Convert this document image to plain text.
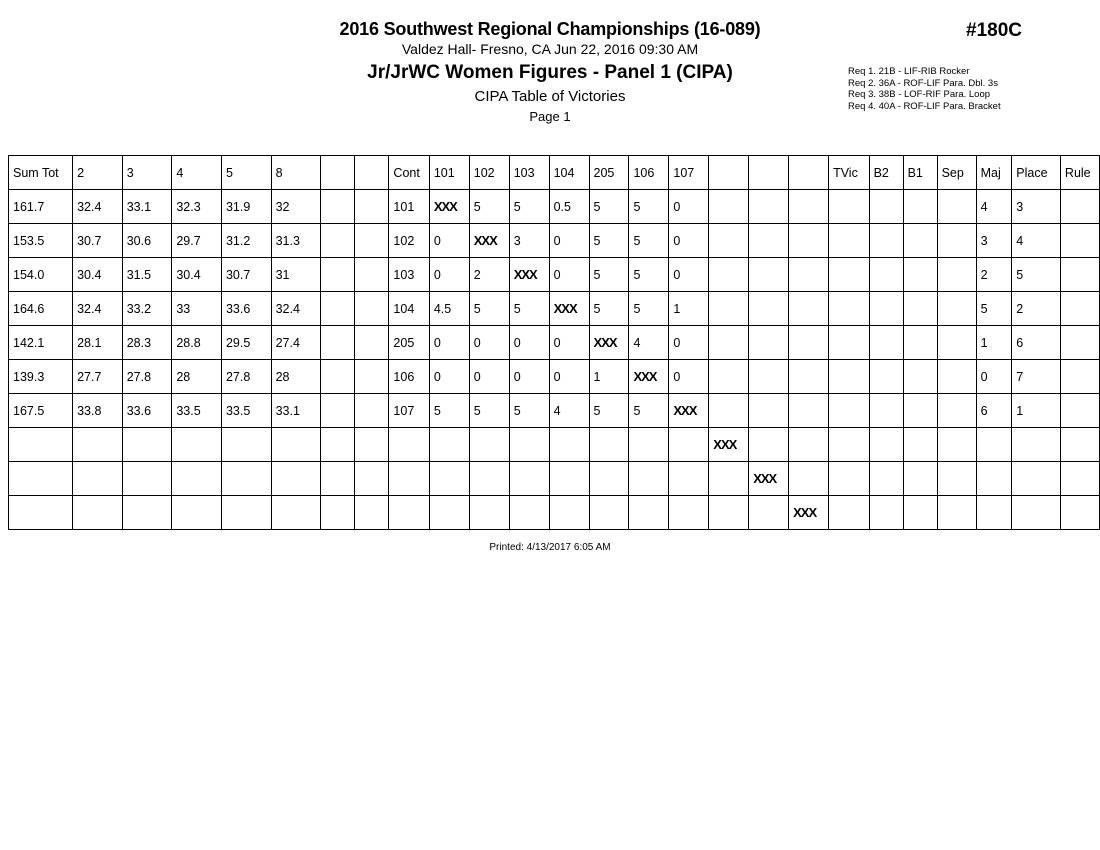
2016 Southwest Regional Championships (16-089)
Valdez Hall- Fresno, CA Jun 22, 2016 09:30 AM
Jr/JrWC Women Figures - Panel 1 (CIPA)
CIPA Table of Victories
Page 1
#180C
Req 1. 21B - LIF-RIB Rocker
Req 2. 36A - ROF-LIF Para. Dbl. 3s
Req 3. 38B - LOF-RIF Para. Loop
Req 4. 40A - ROF-LIF Para. Bracket
Sum Tot	2	3	4	5	8			Cont	101	102	103	104	205	106	107				TVic	B2	B1	Sep	Maj	Place	Rule
161.7	32.4	33.1	32.3	31.9	32			101	XXX	5	5	0.5	5	5	0								4	3	
153.5	30.7	30.6	29.7	31.2	31.3			102	0	XXX	3	0	5	5	0								3	4	
154.0	30.4	31.5	30.4	30.7	31			103	0	2	XXX	0	5	5	0								2	5	
164.6	32.4	33.2	33	33.6	32.4			104	4.5	5	5	XXX	5	5	1								5	2	
142.1	28.1	28.3	28.8	29.5	27.4			205	0	0	0	0	XXX	4	0								1	6	
139.3	27.7	27.8	28	27.8	28			106	0	0	0	0	1	XXX	0								0	7	
167.5	33.8	33.6	33.5	33.5	33.1			107	5	5	5	4	5	5	XXX								6	1	
																XXX									
																	XXX								
																		XXX							
Printed: 4/13/2017 6:05 AM
